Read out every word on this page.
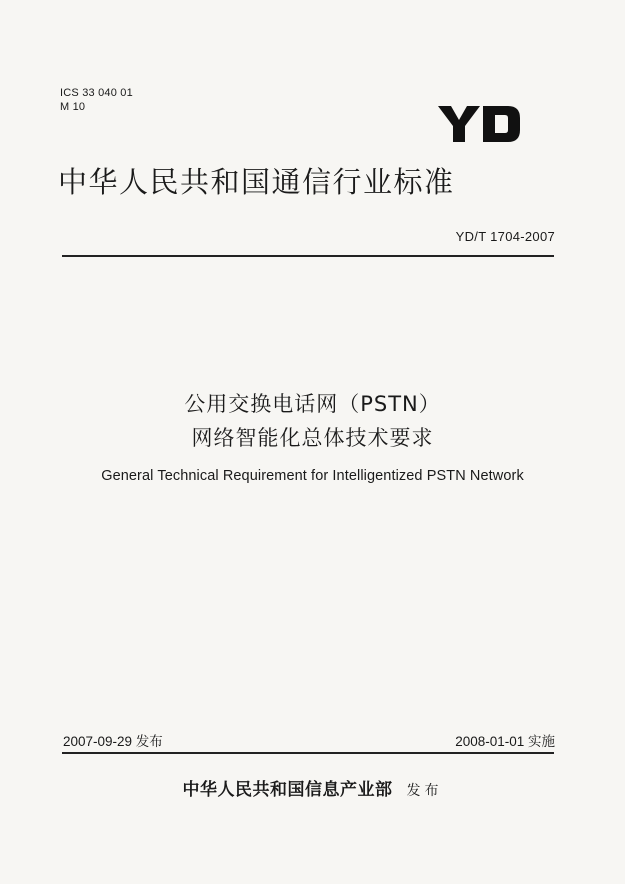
ICS 33 040 01
M 10
中华人民共和国通信行业标准
YD/T 1704-2007
公用交换电话网（PSTN）
网络智能化总体技术要求
General Technical Requirement for Intelligentized PSTN Network
2007-09-29 发布	2008-01-01 实施
中华人民共和国信息产业部 发布
